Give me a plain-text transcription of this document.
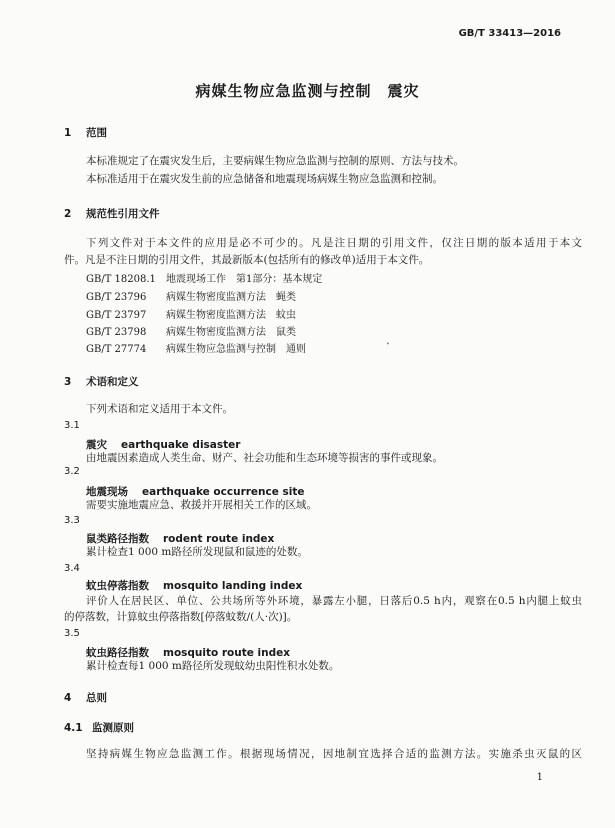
GB/T 33413—2016
病媒生物应急监测与控制　震灾
1 范围
本标准规定了在震灾发生后，主要病媒生物应急监测与控制的原则、方法与技术。
本标准适用于在震灾发生前的应急储备和地震现场病媒生物应急监测和控制。
2 规范性引用文件
下列文件对于本文件的应用是必不可少的。凡是注日期的引用文件，仅注日期的版本适用于本文
件。凡是不注日期的引用文件，其最新版本(包括所有的修改单)适用于本文件。
GB/T 18208.1 地震现场工作　第1部分：基本规定
GB/T 23796 病媒生物密度监测方法　蝇类
GB/T 23797 病媒生物密度监测方法　蚊虫
GB/T 23798 病媒生物密度监测方法　鼠类
GB/T 27774 病媒生物应急监测与控制　通则	•
3 术语和定义
下列术语和定义适用于本文件。
3.1
震灾 earthquake disaster
由地震因素造成人类生命、财产、社会功能和生态环境等损害的事件或现象。
3.2
地震现场 earthquake occurrence site
需要实施地震应急、救援并开展相关工作的区域。
3.3
鼠类路径指数 rodent route index
累计检查1 000 m路径所发现鼠和鼠迹的处数。
3.4
蚊虫停落指数 mosquito landing index
评价人在居民区、单位、公共场所等外环境，暴露左小腿，日落后0.5 h内，观察在0.5 h内腿上蚊虫
的停落数，计算蚊虫停落指数[停落蚊数/(人·次)]。
3.5
蚊虫路径指数 mosquito route index
累计检查每1 000 m路径所发现蚊幼虫阳性积水处数。
4 总则
4.1 监测原则
坚持病媒生物应急监测工作。根据现场情况，因地制宜选择合适的监测方法。实施杀虫灭鼠的区
1
